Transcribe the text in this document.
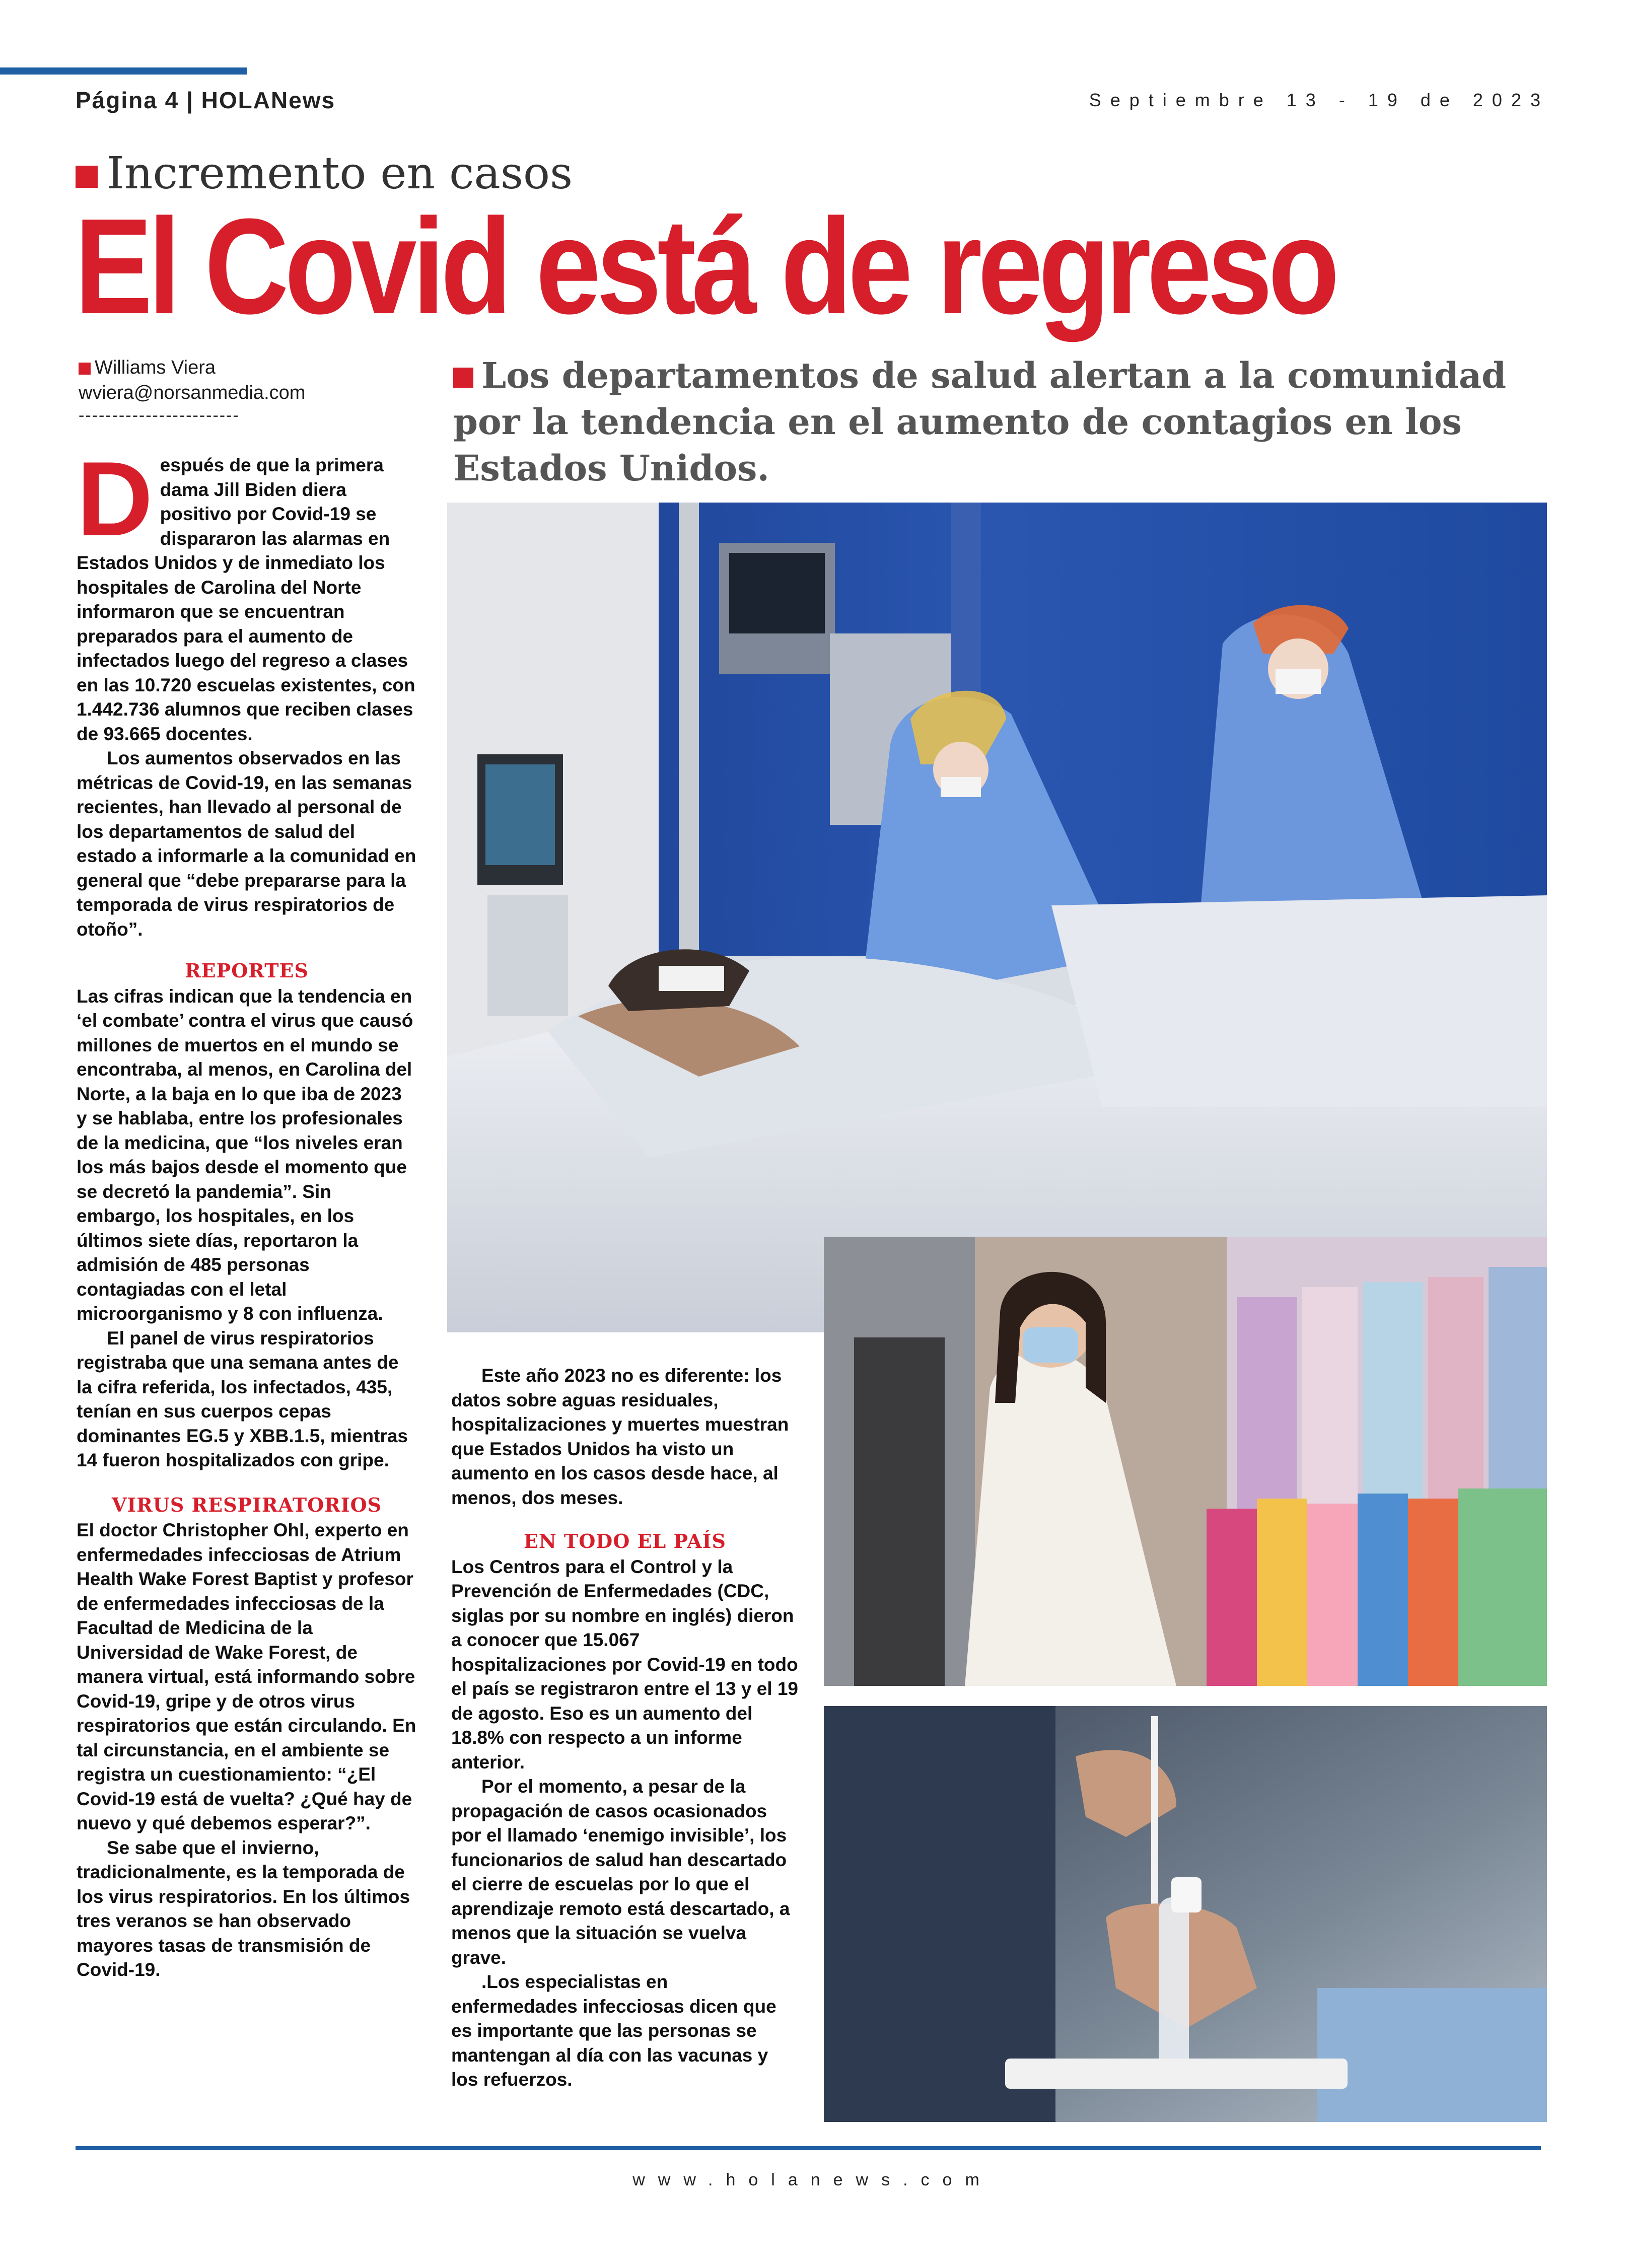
Página 4 | HOLANews	Septiembre 13 - 19 de 2023
Incremento en casos
El Covid está de regreso
Williams Viera
wviera@norsanmedia.com
------------------------
Los departamentos de salud alertan a la comunidad por la tendencia en el aumento de contagios en los Estados Unidos.
D espués de que la primera dama Jill Biden diera positivo por Covid-19 se dispararon las alarmas en Estados Unidos y de inmediato los hospitales de Carolina del Norte informaron que se encuentran preparados para el aumento de infectados luego del regreso a clases en las 10.720 escuelas existentes, con 1.442.736 alumnos que reciben clases de 93.665 docentes.

Los aumentos observados en las métricas de Covid-19, en las semanas recientes, han llevado al personal de los departamentos de salud del estado a informarle a la comunidad en general que “debe prepararse para la temporada de virus respiratorios de otoño”.

REPORTES

Las cifras indican que la tendencia en ‘el combate’ contra el virus que causó millones de muertos en el mundo se encontraba, al menos, en Carolina del Norte, a la baja en lo que iba de 2023 y se hablaba, entre los profesionales de la medicina, que “los niveles eran los más bajos desde el momento que se decretó la pandemia”. Sin embargo, los hospitales, en los últimos siete días, reportaron la admisión de 485 personas contagiadas con el letal microorganismo y 8 con influenza.

El panel de virus respiratorios registraba que una semana antes de la cifra referida, los infectados, 435, tenían en sus cuerpos cepas dominantes EG.5 y XBB.1.5, mientras 14 fueron hospitalizados con gripe.

VIRUS RESPIRATORIOS

El doctor Christopher Ohl, experto en enfermedades infecciosas de Atrium Health Wake Forest Baptist y profesor de enfermedades infecciosas de la Facultad de Medicina de la Universidad de Wake Forest, de manera virtual, está informando sobre Covid-19, gripe y de otros virus respiratorios que están circulando. En tal circunstancia, en el ambiente se registra un cuestionamiento: “¿El Covid-19 está de vuelta? ¿Qué hay de nuevo y qué debemos esperar?”.

Se sabe que el invierno, tradicionalmente, es la temporada de los virus respiratorios. En los últimos tres veranos se han observado mayores tasas de transmisión de Covid-19.

Este año 2023 no es diferente: los datos sobre aguas residuales, hospitalizaciones y muertes muestran que Estados Unidos ha visto un aumento en los casos desde hace, al menos, dos meses.

EN TODO EL PAÍS

Los Centros para el Control y la Prevención de Enfermedades (CDC, siglas por su nombre en inglés) dieron a conocer que 15.067 hospitalizaciones por Covid-19 en todo el país se registraron entre el 13 y el 19 de agosto. Eso es un aumento del 18.8% con respecto a un informe anterior.

Por el momento, a pesar de la propagación de casos ocasionados por el llamado ‘enemigo invisible’, los funcionarios de salud han descartado el cierre de escuelas por lo que el aprendizaje remoto está descartado, a menos que la situación se vuelva grave.

.Los especialistas en enfermedades infecciosas dicen que es importante que las personas se mantengan al día con las vacunas y los refuerzos.

www.holanews.com
